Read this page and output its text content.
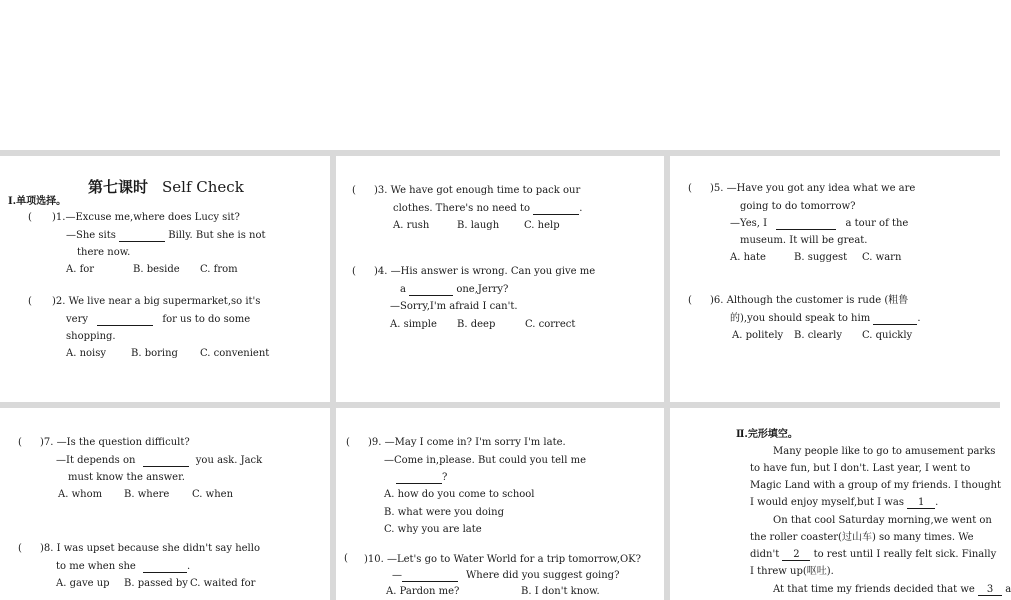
第七课时 Self Check
Ⅰ.单项选择。
( )1.—Excuse me,where does Lucy sit?
—She sits	Billy. But she is not
there now.
A. for	B. beside C. from
( )2. We live near a big supermarket,so it's
very	for us to do some
shopping.
A. noisy B. boring C. convenient
( )3. We have got enough time to pack our
clothes. There's no need to	.
A. rush	B. laugh C. help
( )4. —His answer is wrong. Can you give me
a	one,Jerry?
—Sorry,I'm afraid I can't.
A. simple B. deep	C. correct
( )5. —Have you got any idea what we are
going to do tomorrow?
—Yes, I	a tour of the
museum. It will be great.
A. hate	B. suggest C. warn
( )6. Although the customer is rude (粗鲁
的),you should speak to him	.
A. politely B. clearly C. quickly
( )7. —Is the question difficult?
—It depends on	you ask. Jack
must know the answer.
A. whom B. where C. when
( )8. I was upset because she didn't say hello
to me when she	.
A. gave up B. passed by C. waited for
( )9. —May I come in? I'm sorry I'm late.
—Come in,please. But could you tell me
?
A. how do you come to school
B. what were you doing
C. why you are late
( )10. —Let's go to Water World for a trip tomorrow,OK?
—	Where did you suggest going?
A. Pardon me?	B. I don't know.
Ⅱ.完形填空。
Many people like to go to amusement parks
to have fun, but I don't. Last year, I went to
Magic Land with a group of my friends. I thought
I would enjoy myself,but I was	1	.
On that cool Saturday morning,we went on
the roller coaster(过山车) so many times. We
didn't	2	to rest until I really felt sick. Finally
I threw up(呕吐).
At that time my friends decided that we	3	a
